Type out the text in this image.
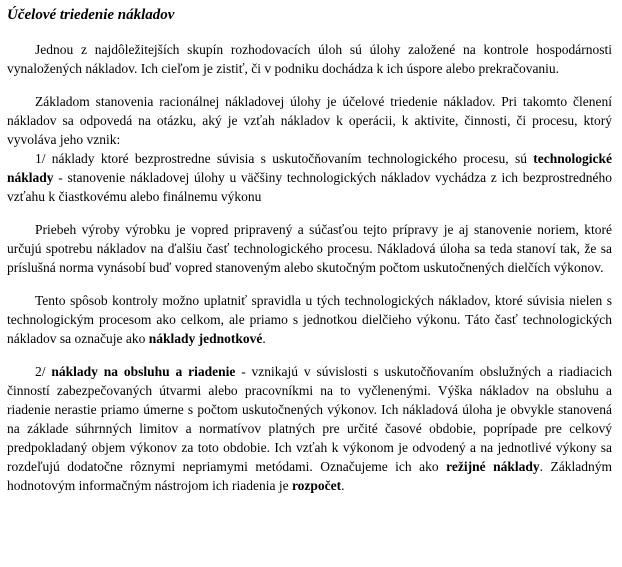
Účelové triedenie nákladov

Jednou z najdôležitejších skupín rozhodovacích úloh sú úlohy založené na kontrole hospodárnosti vynaložených nákladov. Ich cieľom je zistiť, či v podniku dochádza k ich úspore alebo prekračovaniu.

Základom stanovenia racionálnej nákladovej úlohy je účelové triedenie nákladov. Pri takomto členení nákladov sa odpovedá na otázku, aký je vzťah nákladov k operácii, k aktivite, činnosti, či procesu, ktorý vyvoláva jeho vznik:

1/ náklady ktoré bezprostredne súvisia s uskutočňovaním technologického procesu, sú technologické náklady - stanovenie nákladovej úlohy u väčšiny technologických nákladov vychádza z ich bezprostredného vzťahu k čiastkovému alebo finálnemu výkonu

Priebeh výroby výrobku je vopred pripravený a súčasťou tejto prípravy je aj stanovenie noriem, ktoré určujú spotrebu nákladov na ďalšiu časť technologického procesu. Nákladová úloha sa teda stanoví tak, že sa príslušná norma vynásobí buď vopred stanoveným alebo skutočným počtom uskutočnených dielčích výkonov.

Tento spôsob kontroly možno uplatniť spravidla u tých technologických nákladov, ktoré súvisia nielen s technologickým procesom ako celkom, ale priamo s jednotkou dielčieho výkonu. Táto časť technologických nákladov sa označuje ako náklady jednotkové.

2/ náklady na obsluhu a riadenie - vznikajú v súvislosti s uskutočňovaním obslužných a riadiacich činností zabezpečovaných útvarmi alebo pracovníkmi na to vyčlenenými. Výška nákladov na obsluhu a riadenie nerastie priamo úmerne s počtom uskutočnených výkonov. Ich nákladová úloha je obvykle stanovená na základe súhrnných limitov a normatívov platných pre určité časové obdobie, poprípade pre celkový predpokladaný objem výkonov za toto obdobie. Ich vzťah k výkonom je odvodený a na jednotlivé výkony sa rozdeľujú dodatočne rôznymi nepriamymi metódami. Označujeme ich ako režijné náklady. Základným hodnotovým informačným nástrojom ich riadenia je rozpočet.
